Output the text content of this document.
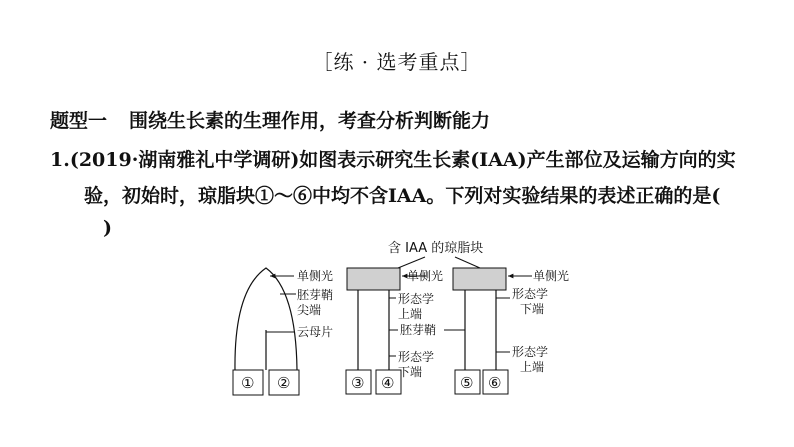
［练 · 选考重点］
题型一 围绕生长素的生理作用，考查分析判断能力
1.(2019·湖南雅礼中学调研)如图表示研究生长素(IAA)产生部位及运输方向的实
验，初始时，琼脂块①～⑥中均不含IAA。下列对实验结果的表述正确的是(
)
含 IAA 的琼脂块
① ②
单侧光
胚芽鞘
尖端
云母片
③ ④
单侧光
形态学
上端
胚芽鞘
形态学
下端
⑤ ⑥
单侧光
形态学
下端
形态学
上端
